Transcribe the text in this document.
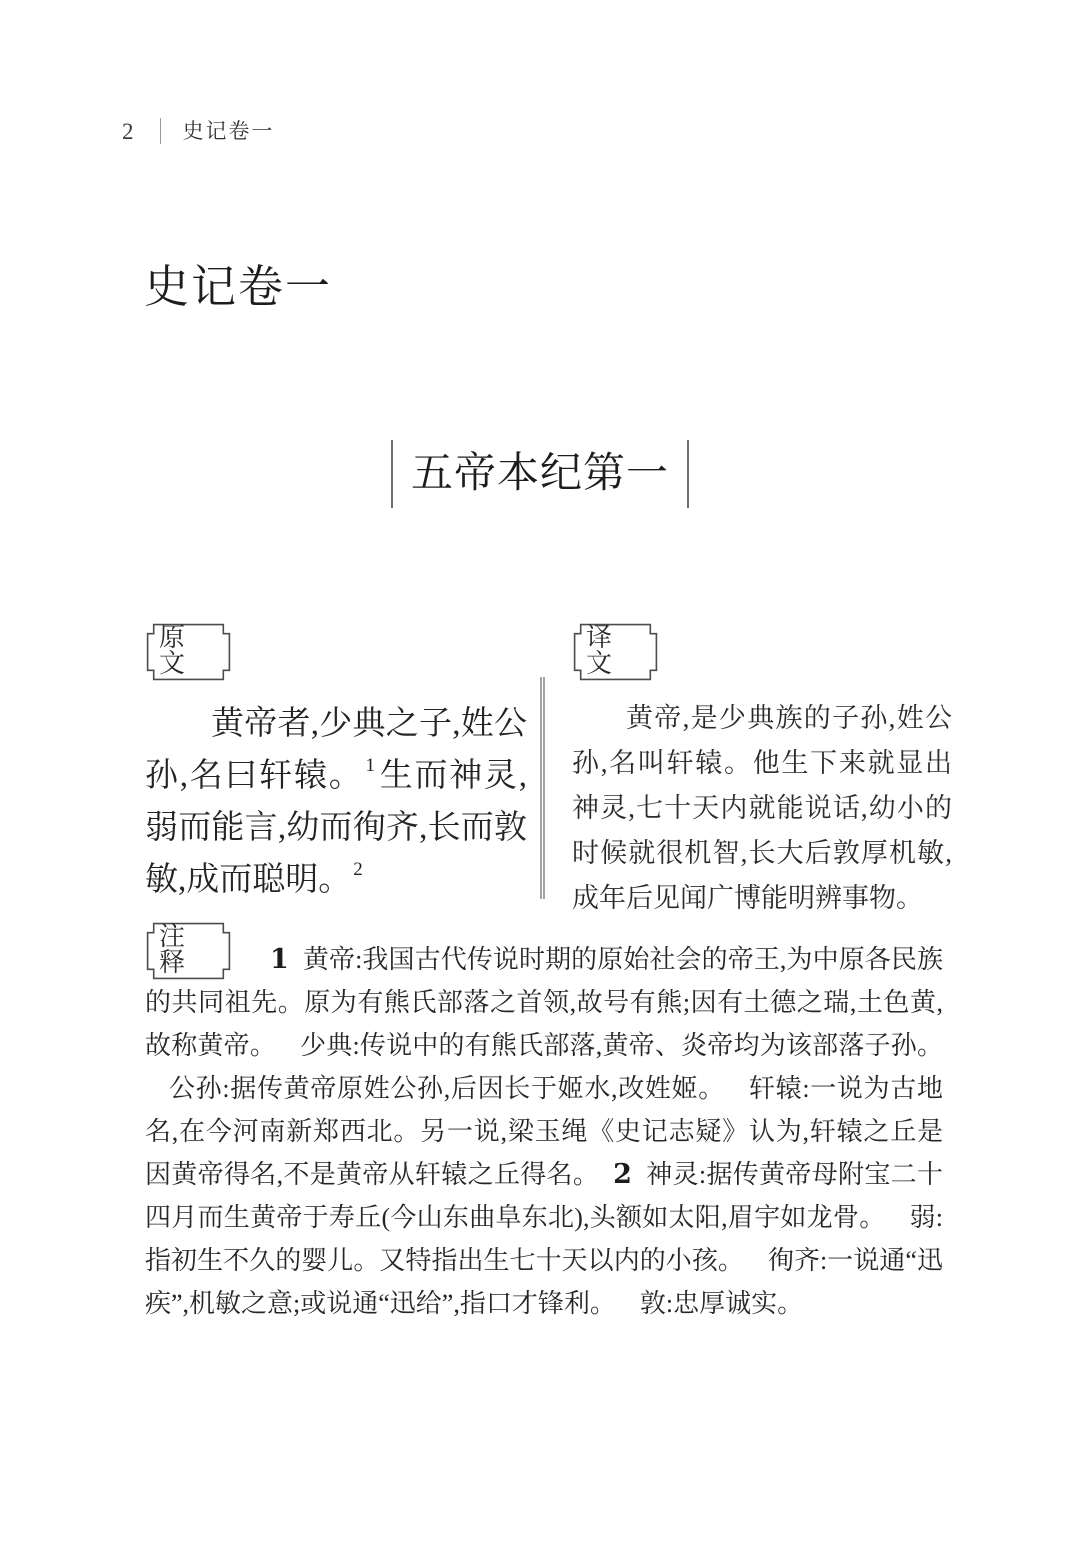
2 史记卷一
史记卷一
五帝本纪第一
原文

黄帝者,少典之子,姓公孙,名曰轩辕。 $^1$生而神灵,弱而能言,幼而徇齐,长而敦敏,成而聪明。 $^2$

译文

黄帝,是少典族的子孙,姓公孙,名叫轩辕。他生下来就显出神灵,七十天内就能说话,幼小的时候就很机智,长大后敦厚机敏,成年后见闻广博能明辨事物。

注释	1 黄帝:我国古代传说时期的原始社会的帝王,为中原各民族的共同祖先。原为有熊氏部落之首领,故号有熊;因有土德之瑞,土色黄,故称黄帝。 少典:传说中的有熊氏部落,黄帝、炎帝均为该部落子孙。公孙:据传黄帝原姓公孙,后因长于姬水,改姓姬。 轩辕:一说为古地名,在今河南新郑西北。另一说,梁玉绳《史记志疑》认为,轩辕之丘是因黄帝得名,不是黄帝从轩辕之丘得名。 2 神灵:据传黄帝母附宝二十四月而生黄帝于寿丘(今山东曲阜东北),头额如太阳,眉宇如龙骨。 弱:指初生不久的婴儿。又特指出生七十天以内的小孩。 徇齐:一说通“迅疾”,机敏之意;或说通“迅给”,指口才锋利。 敦:忠厚诚实。
